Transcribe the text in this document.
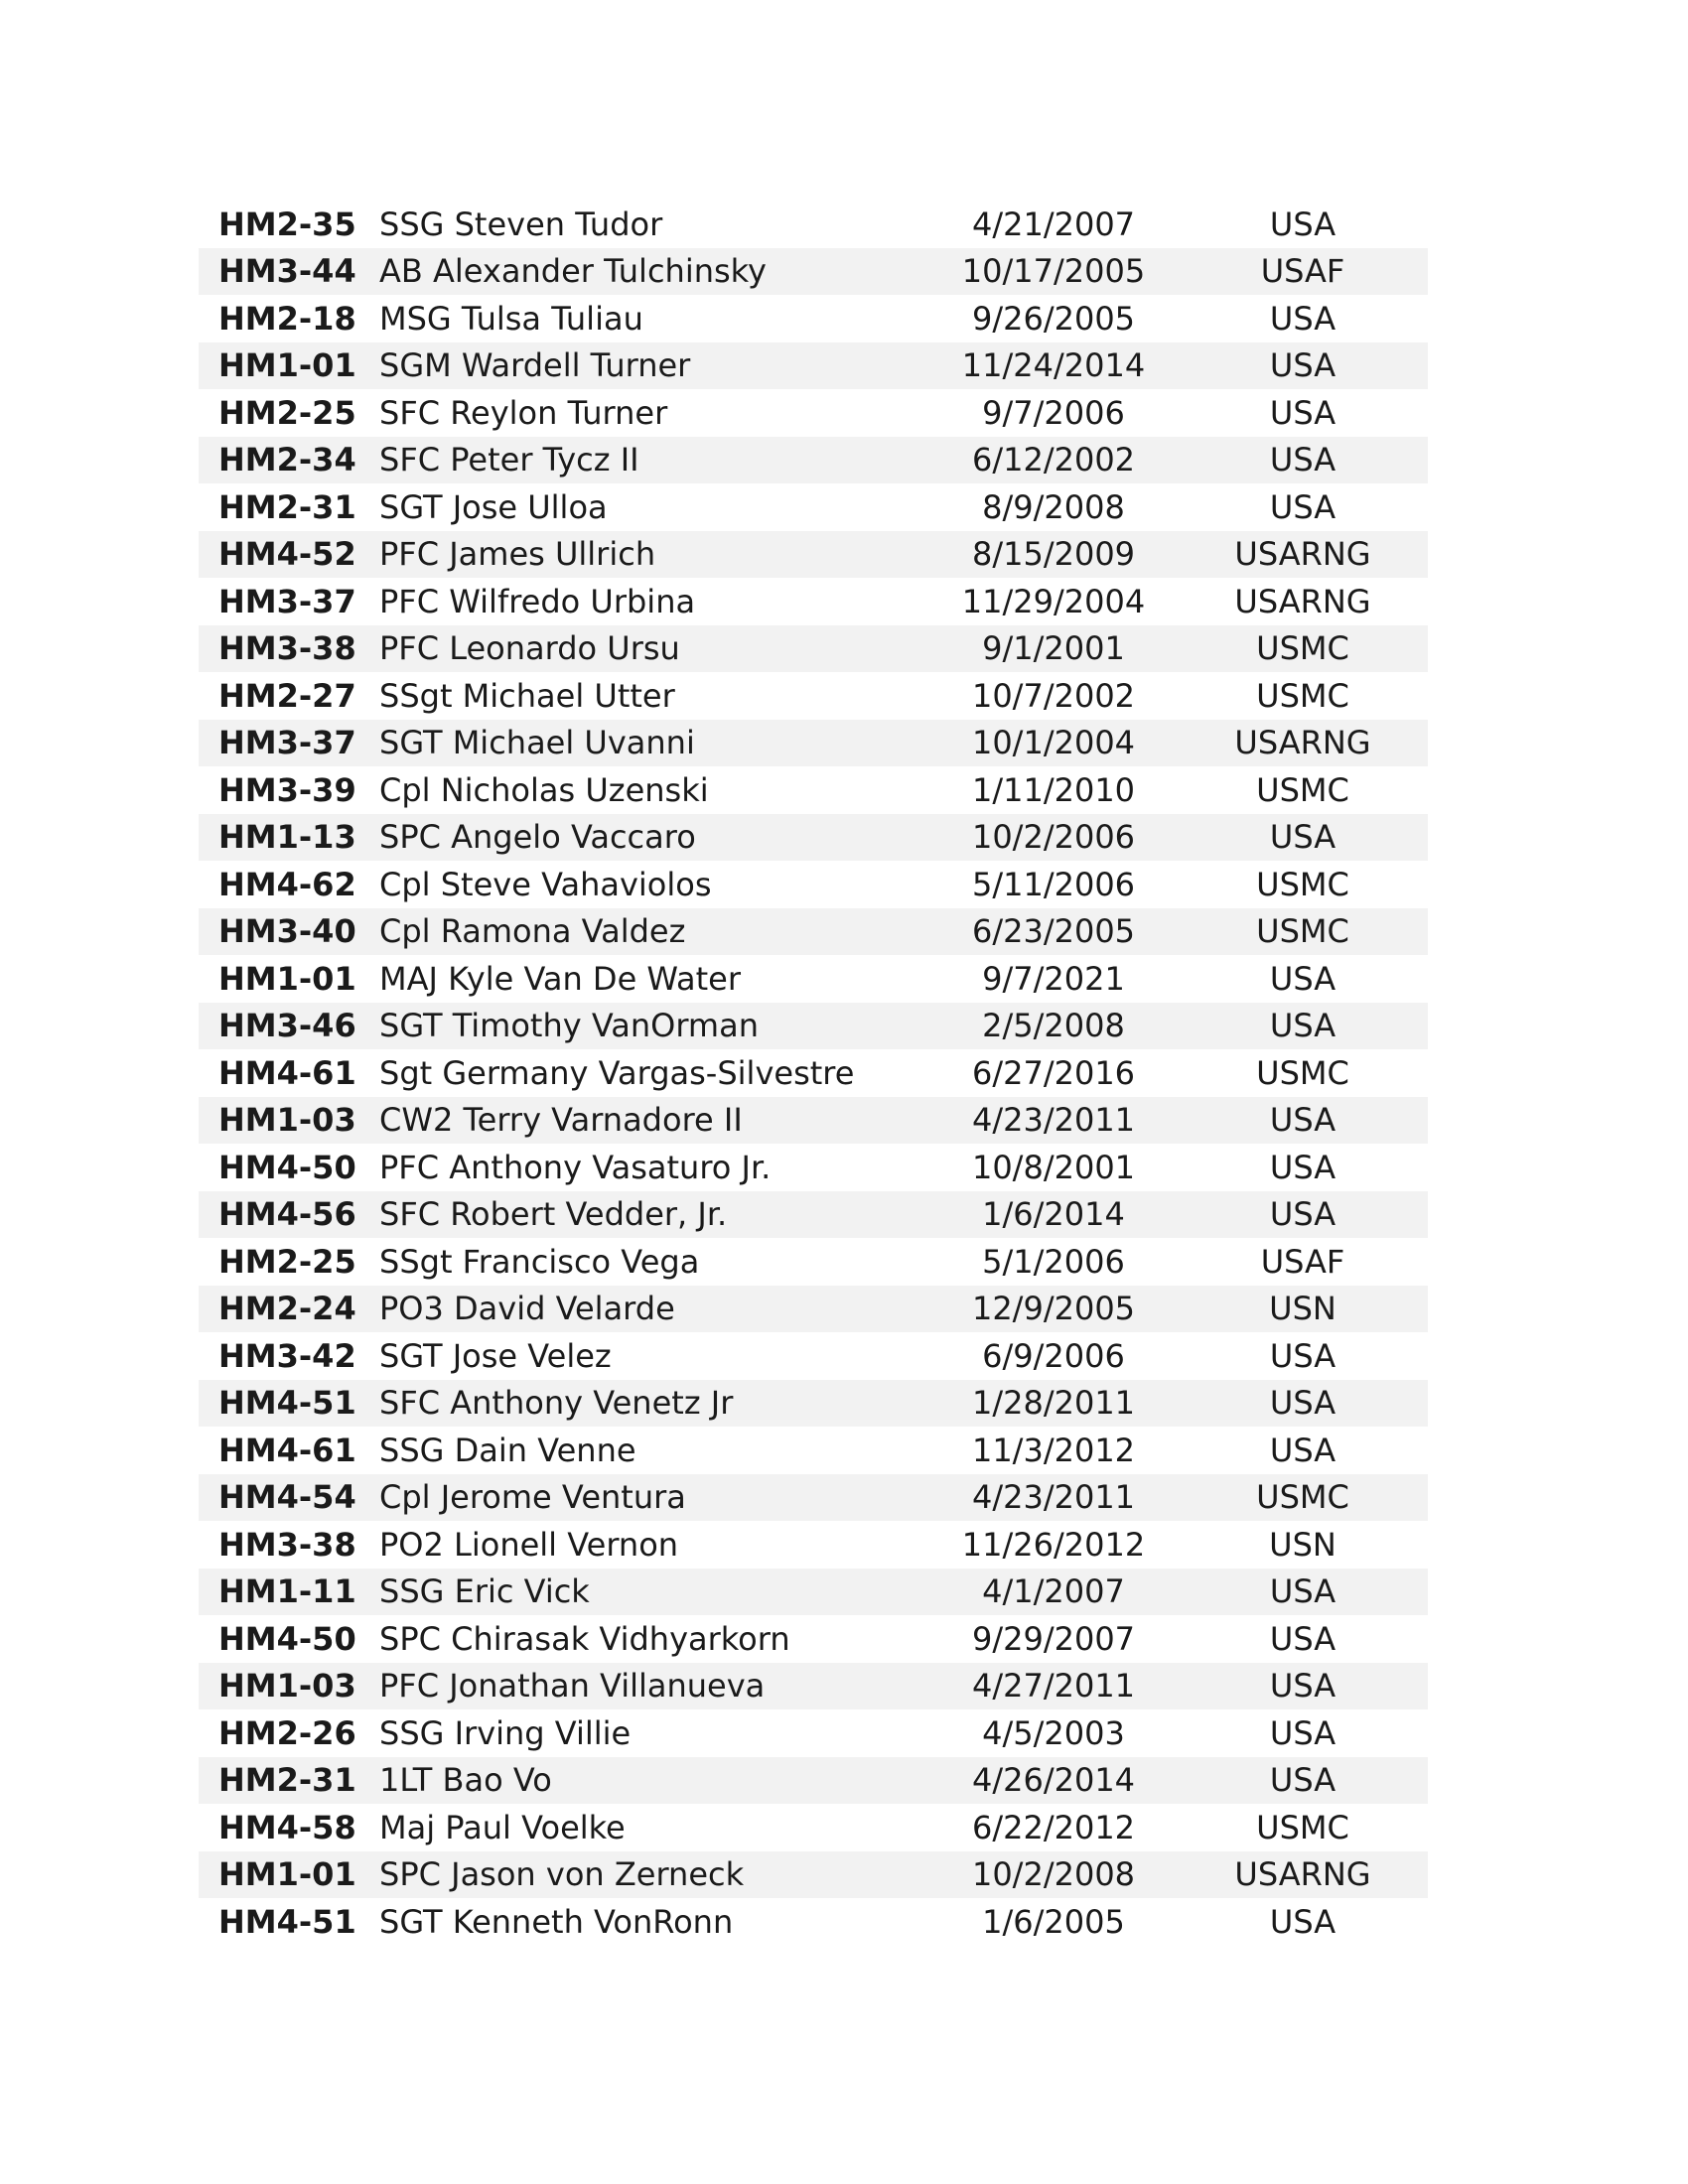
HM2-35 SSG Steven Tudor	4/21/2007	USA
HM3-44 AB Alexander Tulchinsky	10/17/2005	USAF
HM2-18 MSG Tulsa Tuliau	9/26/2005	USA
HM1-01 SGM Wardell Turner	11/24/2014	USA
HM2-25 SFC Reylon Turner	9/7/2006	USA
HM2-34 SFC Peter Tycz II	6/12/2002	USA
HM2-31 SGT Jose Ulloa	8/9/2008	USA
HM4-52 PFC James Ullrich	8/15/2009	USARNG
HM3-37 PFC Wilfredo Urbina	11/29/2004	USARNG
HM3-38 PFC Leonardo Ursu	9/1/2001	USMC
HM2-27 SSgt Michael Utter	10/7/2002	USMC
HM3-37 SGT Michael Uvanni	10/1/2004	USARNG
HM3-39 Cpl Nicholas Uzenski	1/11/2010	USMC
HM1-13 SPC Angelo Vaccaro	10/2/2006	USA
HM4-62 Cpl Steve Vahaviolos	5/11/2006	USMC
HM3-40 Cpl Ramona Valdez	6/23/2005	USMC
HM1-01 MAJ Kyle Van De Water	9/7/2021	USA
HM3-46 SGT Timothy VanOrman	2/5/2008	USA
HM4-61 Sgt Germany Vargas-Silvestre	6/27/2016	USMC
HM1-03 CW2 Terry Varnadore II	4/23/2011	USA
HM4-50 PFC Anthony Vasaturo Jr.	10/8/2001	USA
HM4-56 SFC Robert Vedder, Jr.	1/6/2014	USA
HM2-25 SSgt Francisco Vega	5/1/2006	USAF
HM2-24 PO3 David Velarde	12/9/2005	USN
HM3-42 SGT Jose Velez	6/9/2006	USA
HM4-51 SFC Anthony Venetz Jr	1/28/2011	USA
HM4-61 SSG Dain Venne	11/3/2012	USA
HM4-54 Cpl Jerome Ventura	4/23/2011	USMC
HM3-38 PO2 Lionell Vernon	11/26/2012	USN
HM1-11 SSG Eric Vick	4/1/2007	USA
HM4-50 SPC Chirasak Vidhyarkorn	9/29/2007	USA
HM1-03 PFC Jonathan Villanueva	4/27/2011	USA
HM2-26 SSG Irving Villie	4/5/2003	USA
HM2-31 1LT Bao Vo	4/26/2014	USA
HM4-58 Maj Paul Voelke	6/22/2012	USMC
HM1-01 SPC Jason von Zerneck	10/2/2008	USARNG
HM4-51 SGT Kenneth VonRonn	1/6/2005	USA
